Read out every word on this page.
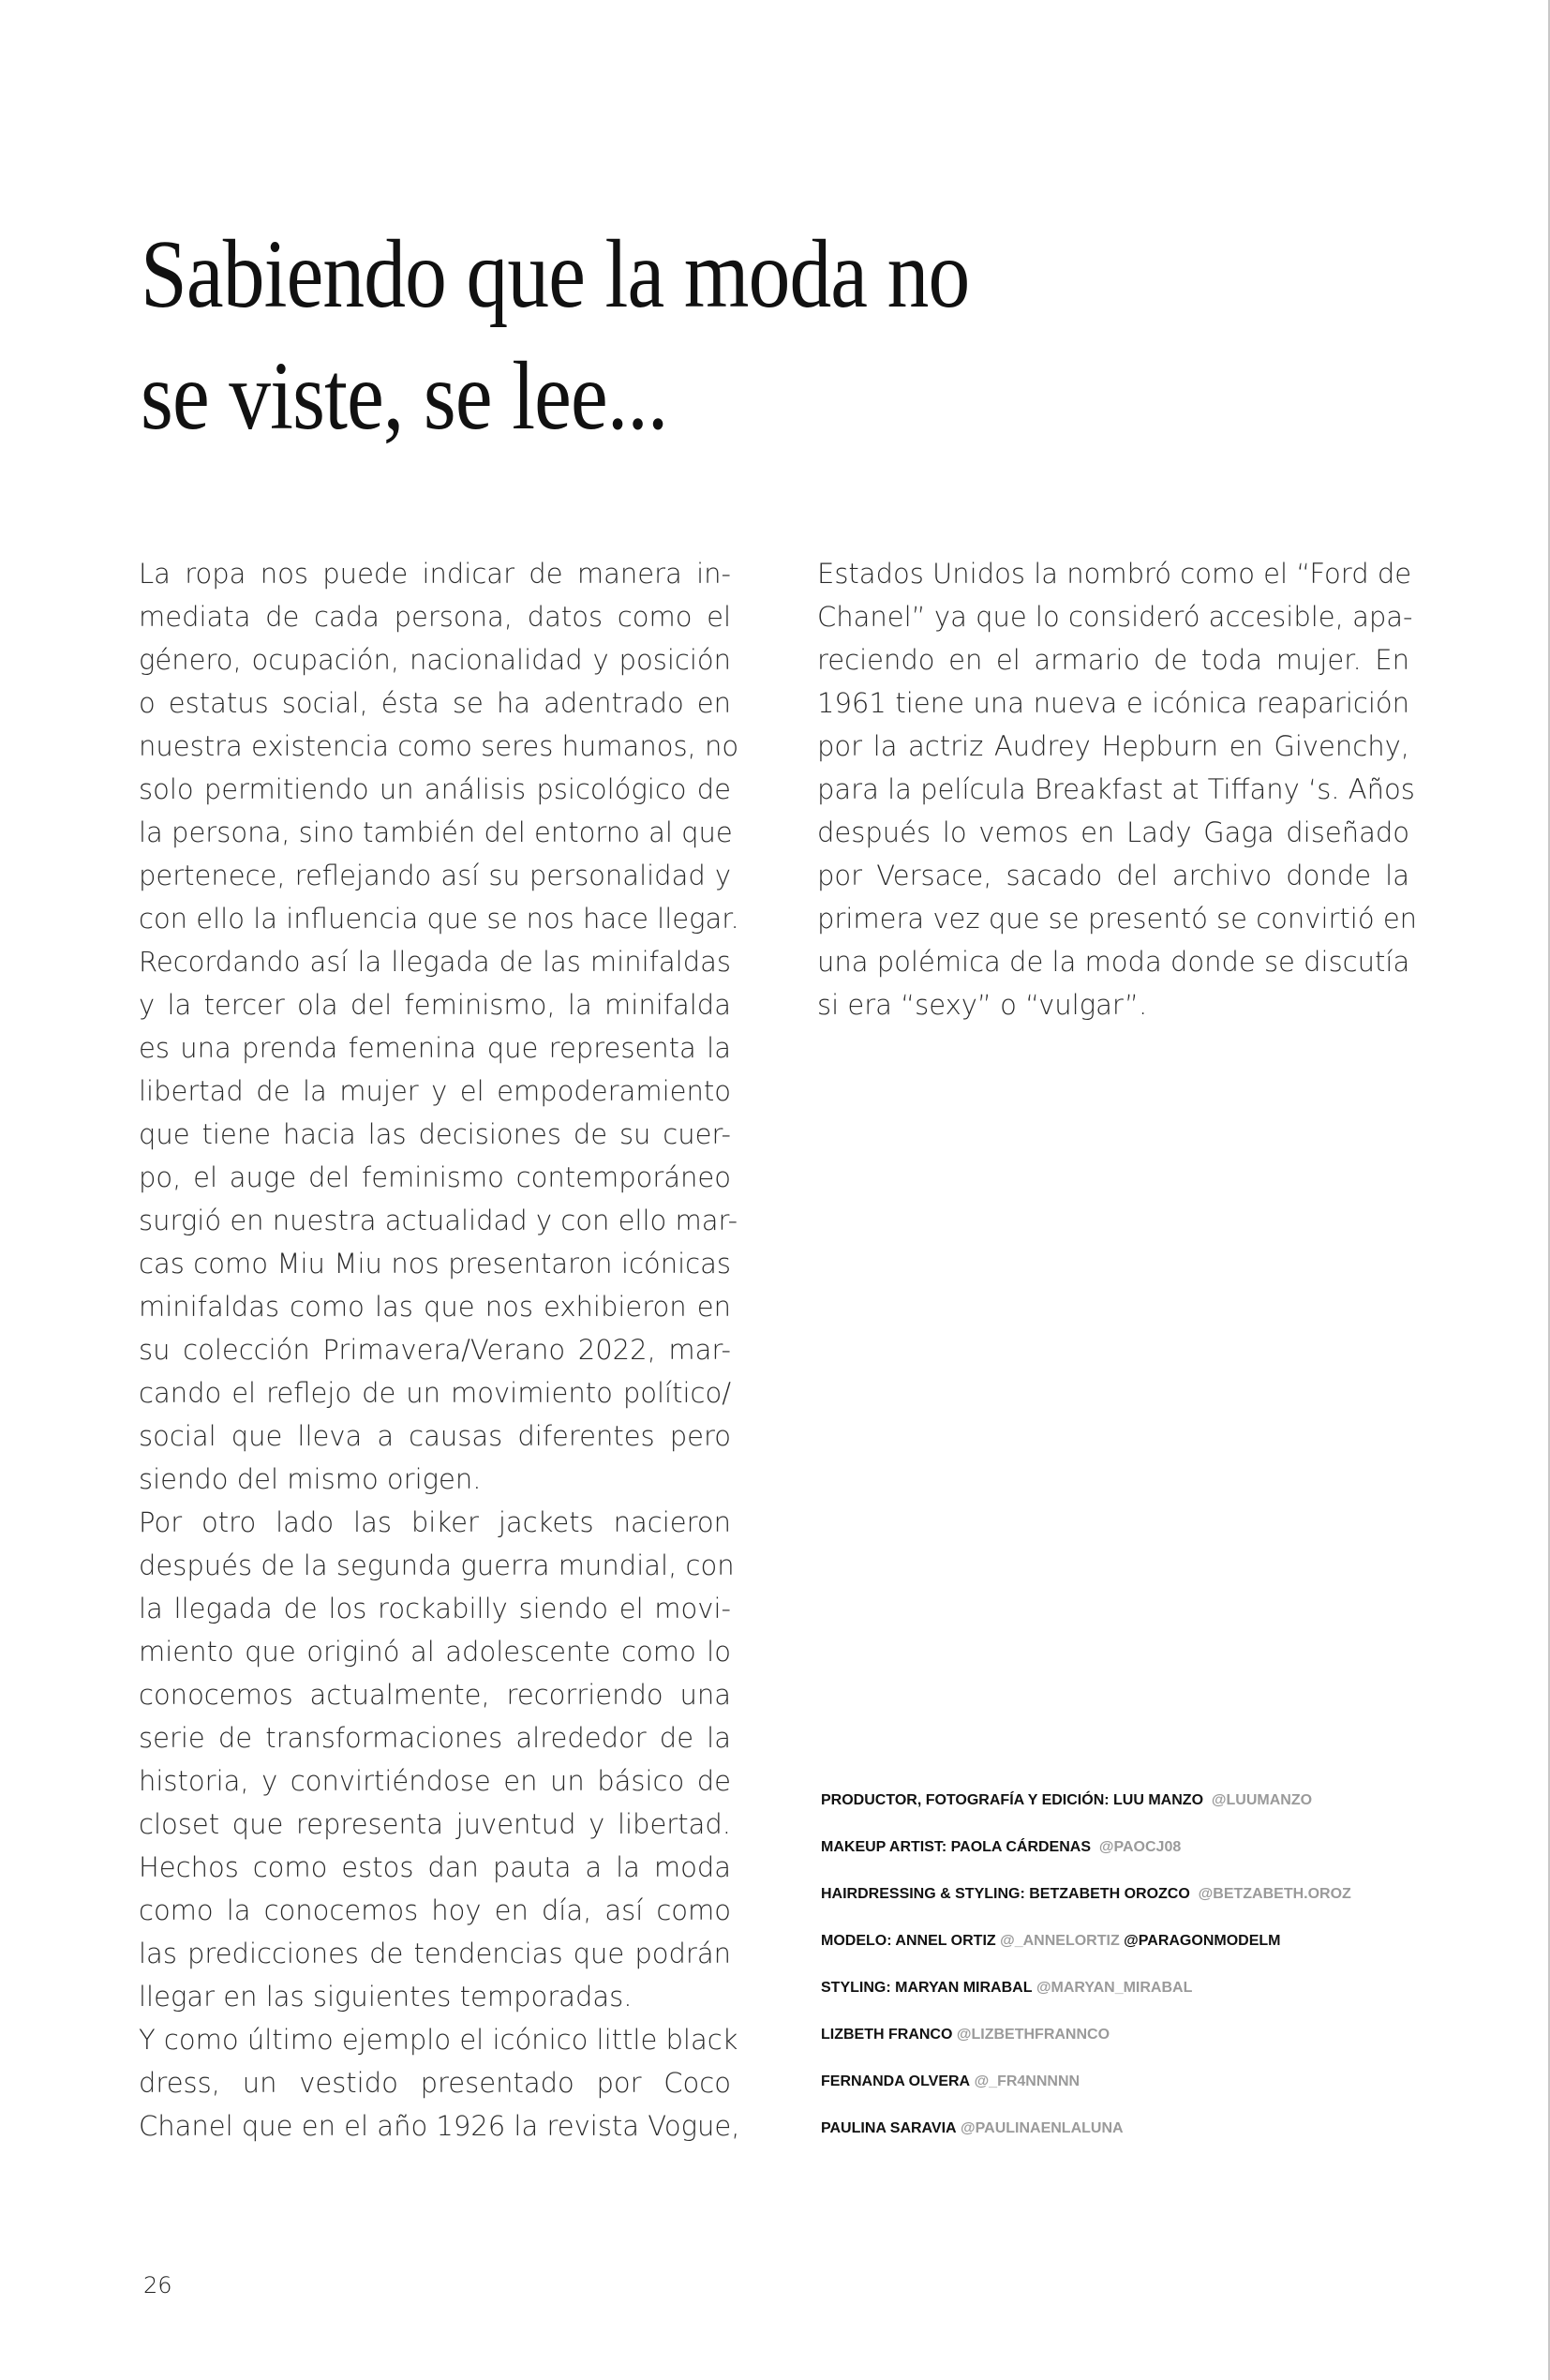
Sabiendo que la moda no
se viste, se lee...
La ropa nos puede indicar de manera in-
mediata de cada persona, datos como el
género, ocupación, nacionalidad y posición
o estatus social, ésta se ha adentrado en
nuestra existencia como seres humanos, no
solo permitiendo un análisis psicológico de
la persona, sino también del entorno al que
pertenece, reflejando así su personalidad y
con ello la influencia que se nos hace llegar.
Recordando así la llegada de las minifaldas
y la tercer ola del feminismo, la minifalda
es una prenda femenina que representa la
libertad de la mujer y el empoderamiento
que tiene hacia las decisiones de su cuer-
po, el auge del feminismo contemporáneo
surgió en nuestra actualidad y con ello mar-
cas como Miu Miu nos presentaron icónicas
minifaldas como las que nos exhibieron en
su colección Primavera/Verano 2022, mar-
cando el reflejo de un movimiento político/
social que lleva a causas diferentes pero
siendo del mismo origen.
Por otro lado las biker jackets nacieron
después de la segunda guerra mundial, con
la llegada de los rockabilly siendo el movi-
miento que originó al adolescente como lo
conocemos actualmente, recorriendo una
serie de transformaciones alrededor de la
historia, y convirtiéndose en un básico de
closet que representa juventud y libertad.
Hechos como estos dan pauta a la moda
como la conocemos hoy en día, así como
las predicciones de tendencias que podrán
llegar en las siguientes temporadas.
Y como último ejemplo el icónico little black
dress, un vestido presentado por Coco
Chanel que en el año 1926 la revista Vogue,
Estados Unidos la nombró como el “Ford de
Chanel” ya que lo consideró accesible, apa-
reciendo en el armario de toda mujer. En
1961 tiene una nueva e icónica reaparición
por la actriz Audrey Hepburn en Givenchy,
para la película Breakfast at Tiffany ‘s. Años
después lo vemos en Lady Gaga diseñado
por Versace, sacado del archivo donde la
primera vez que se presentó se convirtió en
una polémica de la moda donde se discutía
si era “sexy” o “vulgar”.
PRODUCTOR, FOTOGRAFÍA Y EDICIÓN: LUU MANZO @LUUMANZO
MAKEUP ARTIST: PAOLA CÁRDENAS @PAOCJ08
HAIRDRESSING & STYLING: BETZABETH OROZCO @BETZABETH.OROZ
MODELO: ANNEL ORTIZ @_ANNELORTIZ @PARAGONMODELM
STYLING: MARYAN MIRABAL @MARYAN_MIRABAL
LIZBETH FRANCO @LIZBETHFRANNCO
FERNANDA OLVERA @_FR4NNNNN
PAULINA SARAVIA @PAULINAENLALUNA
26
